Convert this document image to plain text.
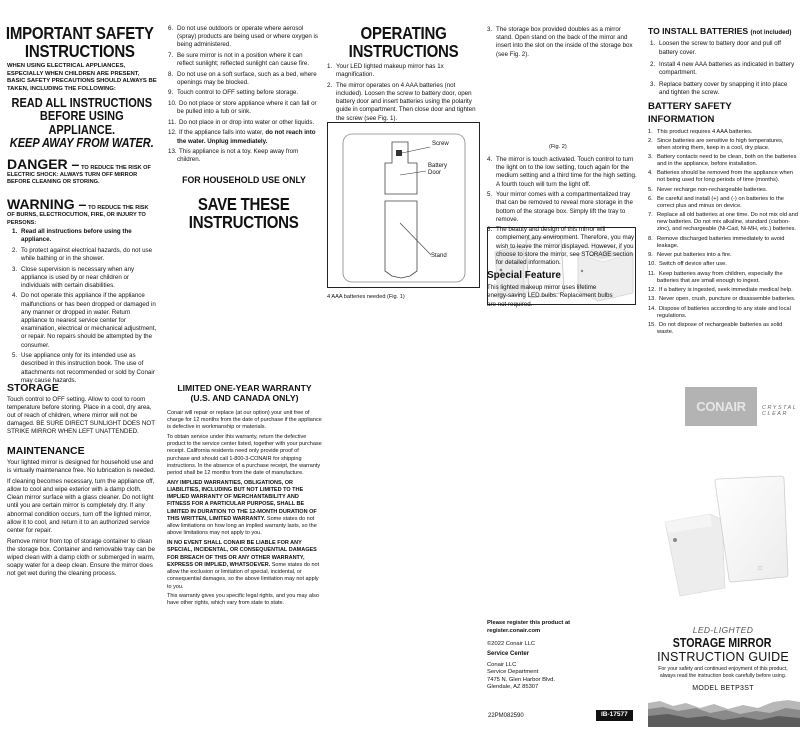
IMPORTANT SAFETY
INSTRUCTIONS
WHEN USING ELECTRICAL APPLIANCES, ESPECIALLY WHEN CHILDREN ARE PRESENT, BASIC SAFETY PRECAUTIONS SHOULD ALWAYS BE TAKEN, INCLUDING THE FOLLOWING:
READ ALL INSTRUCTIONS
BEFORE USING APPLIANCE.
KEEP AWAY FROM WATER.
DANGER – TO REDUCE THE RISK OF
ELECTRIC SHOCK: ALWAYS TURN OFF MIRROR BEFORE CLEANING OR STORING.
WARNING – TO REDUCE THE RISK
OF BURNS, ELECTROCUTION, FIRE, OR INJURY TO PERSONS:
1. Read all instructions before using the appliance.
2. To protect against electrical hazards, do not use while bathing or in the shower.
3. Close supervision is necessary when any appliance is used by or near children or individuals with certain disabilities.
4. Do not operate this appliance if the appliance malfunctions or has been dropped or damaged in any manner or dropped in water. Return appliance to nearest service center for examination, electrical or mechanical adjustment, or repair. No repairs should be attempted by the consumer.
5. Use appliance only for its intended use as described in this instruction book. The use of attachments not recommended or sold by Conair may cause hazards.
6. Do not use outdoors or operate where aerosol (spray) products are being used or where oxygen is being administered.
7. Be sure mirror is not in a position where it can reflect sunlight; reflected sunlight can cause fire.
8. Do not use on a soft surface, such as a bed, where openings may be blocked.
9. Touch control to OFF setting before storage.
10. Do not place or store appliance where it can fall or be pulled into a tub or sink.
11. Do not place in or drop into water or other liquids.
12. If the appliance falls into water, do not reach into the water. Unplug immediately.
13. This appliance is not a toy. Keep away from children.
FOR HOUSEHOLD USE ONLY
SAVE THESE
INSTRUCTIONS
OPERATING
INSTRUCTIONS
1. Your LED lighted makeup mirror has 1x magnification.
2. The mirror operates on 4 AAA batteries (not included). Loosen the screw to battery door, open battery door and insert batteries using the polarity guide in compartment. Then close door and tighten the screw (see Fig. 1).
Screw
Battery
Door
Stand
4 AAA batteries needed (Fig. 1)
3. The storage box provided doubles as a mirror stand. Open stand on the back of the mirror and insert into the slot on the inside of the storage box (see Fig. 2).
(Fig. 2)
4. The mirror is touch activated. Touch control to turn the light on to the low setting, touch again for the medium setting and a third time for the high setting. A fourth touch will turn the light off.
5. Your mirror comes with a compartmentalized tray that can be removed to reveal more storage in the bottom of the storage box. Simply lift the tray to remove.
6. The beauty and design of this mirror will complement any environment. Therefore, you may wish to leave the mirror displayed. However, if you choose to store the mirror, see STORAGE section for detailed information.
Special Feature

This lighted makeup mirror uses lifetime energy-saving LED bulbs. Replacement bulbs are not required.

TO INSTALL BATTERIES (not included)
1. Loosen the screw to battery door and pull off battery cover.
2. Install 4 new AAA batteries as indicated in battery compartment.
3. Replace battery cover by snapping it into place and tighten the screw.
BATTERY SAFETY INFORMATION
1. This product requires 4 AAA batteries.
2. Since batteries are sensitive to high temperatures, when storing them, keep in a cool, dry place.
3. Battery contacts need to be clean, both on the batteries and in the appliance, before installation.
4. Batteries should be removed from the appliance when not being used for long periods of time (months).
5. Never recharge non-rechargeable batteries.
6. Be careful and install (+) and (-) on batteries to the correct plus and minus on device.
7. Replace all old batteries at one time. Do not mix old and new batteries. Do not mix alkaline, standard (carbon-zinc), and rechargeable (Ni-Cad, Ni-MH, etc.) batteries.
8. Remove discharged batteries immediately to avoid leakage.
9. Never put batteries into a fire.
10. Switch off device after use.
11. Keep batteries away from children, especially the batteries that are small enough to ingest.
12. If a battery is ingested, seek immediate medical help.
13. Never open, crush, puncture or disassemble batteries.
14. Dispose of batteries according to any state and local regulations.
15. Do not dispose of rechargeable batteries as solid waste.
STORAGE

Touch control to OFF setting. Allow to cool to room temperature before storing. Place in a cool, dry area, out of reach of children, where mirror will not be damaged. BE SURE DIRECT SUNLIGHT DOES NOT STRIKE MIRROR WHEN LEFT UNATTENDED.

MAINTENANCE

Your lighted mirror is designed for household use and is virtually maintenance free. No lubrication is needed.

If cleaning becomes necessary, turn the appliance off, allow to cool and wipe exterior with a damp cloth. Clean mirror surface with a glass cleaner. Do not light until you are certain mirror is completely dry. If any abnormal condition occurs, turn off the lighted mirror, allow it to cool, and return it to an authorized service center for repair.

Remove mirror from top of storage container to clean the storage box. Container and removable tray can be wiped clean with a damp cloth or submerged in warm, soapy water for a deep clean. Ensure the mirror does not get wet during the cleaning process.

LIMITED ONE-YEAR WARRANTY
(U.S. AND CANADA ONLY)

Conair will repair or replace (at our option) your unit free of charge for 12 months from the date of purchase if the appliance is defective in workmanship or materials.

To obtain service under this warranty, return the defective product to the service center listed, together with your purchase receipt. California residents need only provide proof of purchase and should call 1-800-3-CONAIR for shipping instructions. In the absence of a purchase receipt, the warranty period shall be 12 months from the date of manufacture.

ANY IMPLIED WARRANTIES, OBLIGATIONS, OR LIABILITIES, INCLUDING BUT NOT LIMITED TO THE IMPLIED WARRANTY OF MERCHANTABILITY AND FITNESS FOR A PARTICULAR PURPOSE, SHALL BE LIMITED IN DURATION TO THE 12-MONTH DURATION OF THIS WRITTEN, LIMITED WARRANTY. Some states do not allow limitations on how long an implied warranty lasts, so the above limitations may not apply to you.

IN NO EVENT SHALL CONAIR BE LIABLE FOR ANY SPECIAL, INCIDENTAL, OR CONSEQUENTIAL DAMAGES FOR BREACH OF THIS OR ANY OTHER WARRANTY, EXPRESS OR IMPLIED, WHATSOEVER. Some states do not allow the exclusion or limitation of special, incidental, or consequential damages, so the above limitation may not apply to you.

This warranty gives you specific legal rights, and you may also have other rights, which vary from state to state.

Please register this product at
register.conair.com
©2022 Conair LLC
Service Center
Conair LLC
Service Department
7475 N. Glen Harbor Blvd.
Glendale, AZ 85307
22PM082590	IB-17577
CONAIR	CRYSTAL
CLEAR
LED-LIGHTED
STORAGE MIRROR
INSTRUCTION GUIDE
For your safety and continued enjoyment of this product, always read the instruction book carefully before using.
MODEL BETP3ST
